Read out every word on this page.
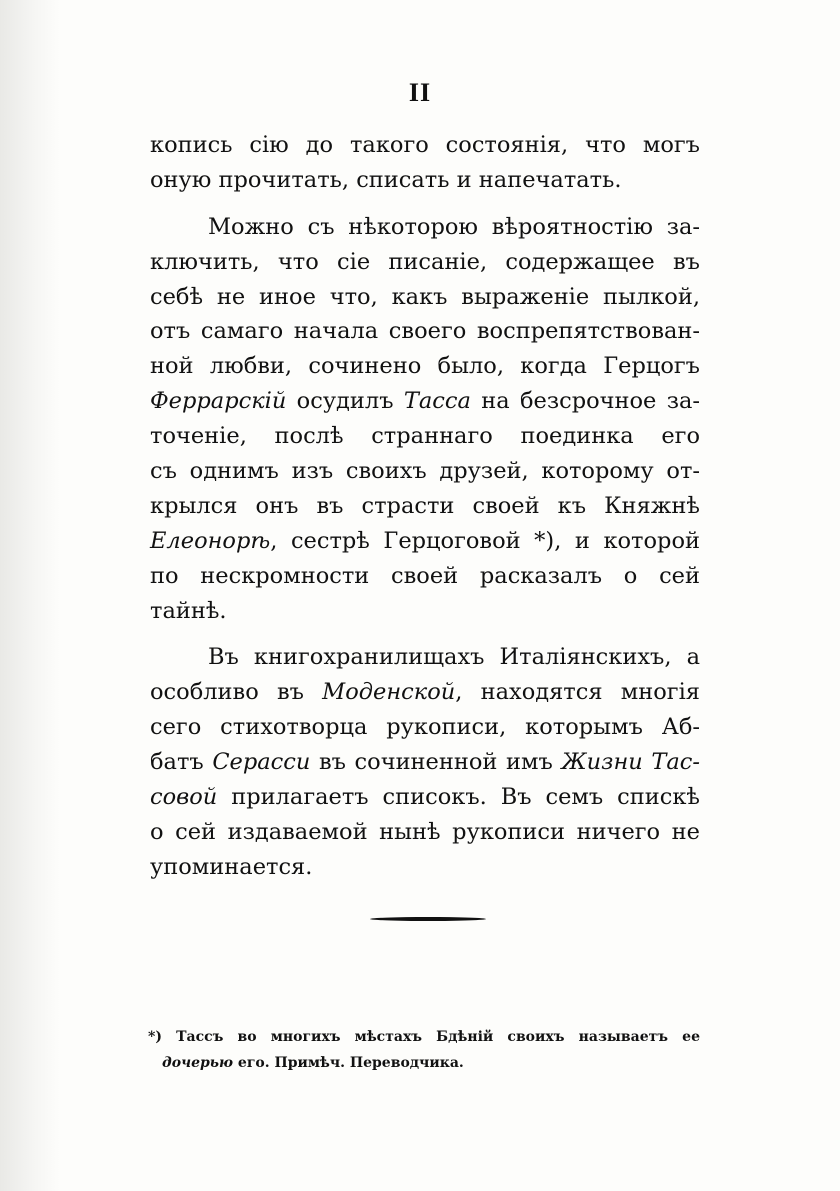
II
копись сію до такого состоянія, что могъ
оную прочитать, списать и напечатать.
Можно съ нѣкоторою вѣроятностію за-
ключить, что сіе писаніе, содержащее въ
себѣ не иное что, какъ выраженіе пылкой,
отъ самаго начала своего воспрепятствован-
ной любви, сочинено было, когда Герцогъ
Феррарскій осудилъ Тасса на безсрочное за-
точеніе, послѣ страннаго поединка его
съ однимъ изъ своихъ друзей, которому от-
крылся онъ въ страсти своей къ Княжнѣ
Елеонорѣ, сестрѣ Герцоговой *), и которой
по нескромности своей расказалъ о сей
тайнѣ.
Въ книгохранилищахъ Италіянскихъ, а
особливо въ Моденской, находятся многія
сего стихотворца рукописи, которымъ Аб-
батъ Серасси въ сочиненной имъ Жизни Тас-
совой прилагаетъ списокъ. Въ семъ спискѣ
о сей издаваемой нынѣ рукописи ничего не
упоминается.
*) Тассъ во многихъ мѣстахъ Бдѣній своихъ называетъ ее
дочерью его. Примѣч. Переводчика.
